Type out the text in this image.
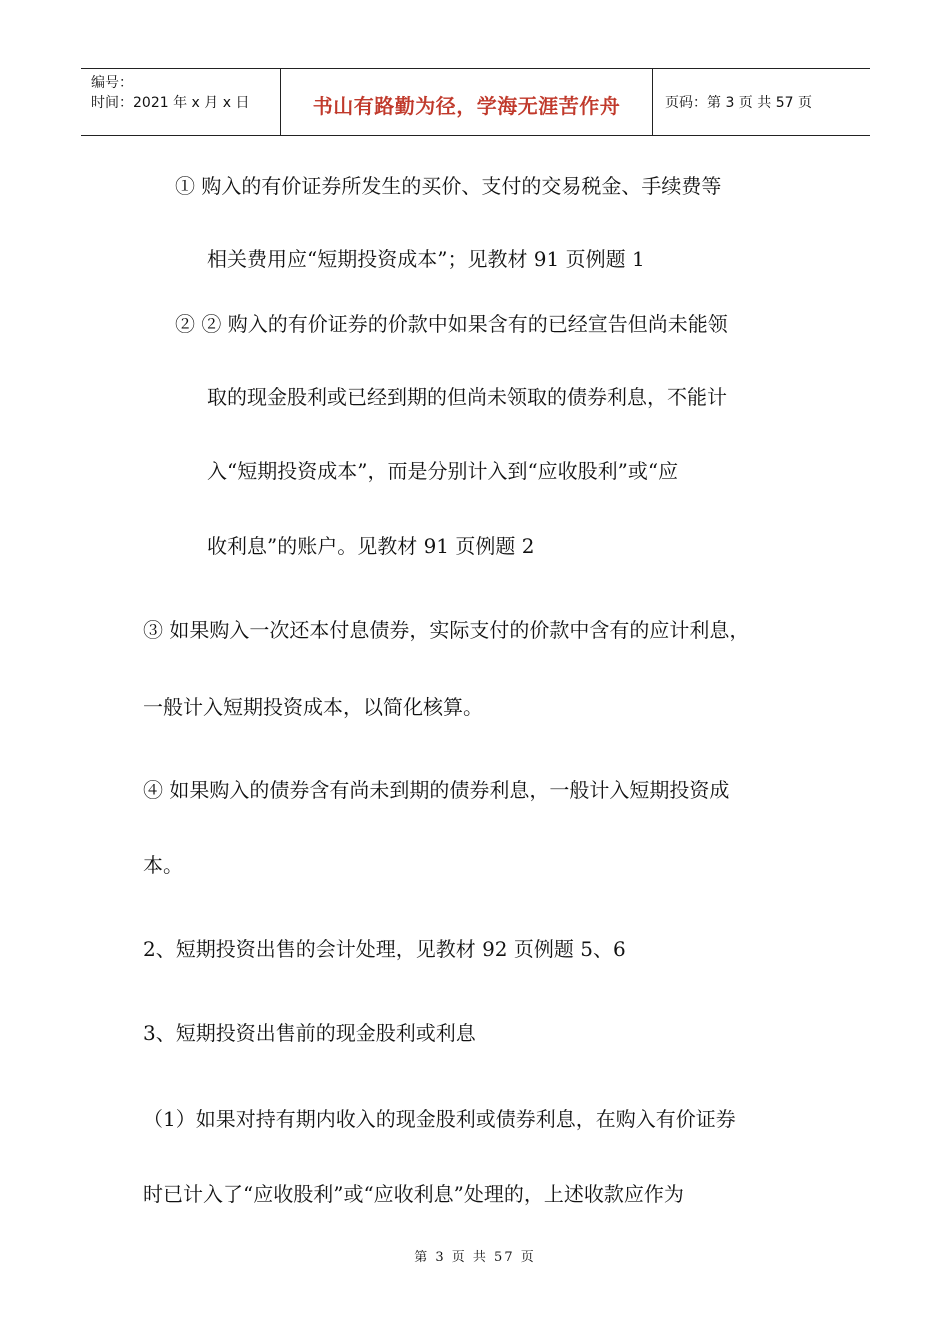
编号：
时间：2021 年 x 月 x 日	书山有路勤为径，学海无涯苦作舟	页码：第 3 页 共 57 页
① 购入的有价证券所发生的买价、支付的交易税金、手续费等
相关费用应“短期投资成本”；见教材 91 页例题 1
② ② 购入的有价证券的价款中如果含有的已经宣告但尚未能领
取的现金股利或已经到期的但尚未领取的债券利息，不能计
入“短期投资成本”，而是分别计入到“应收股利”或“应
收利息”的账户。见教材 91 页例题 2
③ 如果购入一次还本付息债券，实际支付的价款中含有的应计利息，
一般计入短期投资成本，以简化核算。
④ 如果购入的债券含有尚未到期的债券利息，一般计入短期投资成
本。
2、短期投资出售的会计处理，见教材 92 页例题 5、6
3、短期投资出售前的现金股利或利息
（1）如果对持有期内收入的现金股利或债券利息，在购入有价证券
时已计入了“应收股利”或“应收利息”处理的，上述收款应作为
第 3 页 共 57 页
